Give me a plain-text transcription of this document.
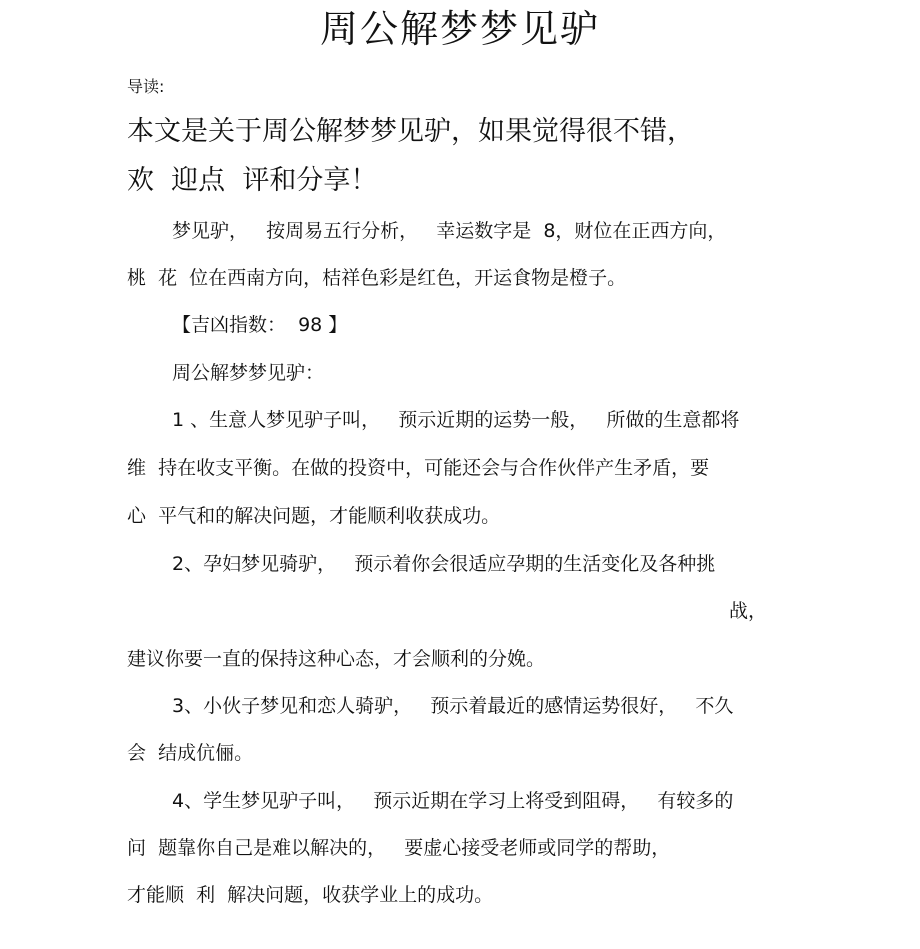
周公解梦梦见驴
导读:
本文是关于周公解梦梦见驴，如果觉得很不错，
欢  迎点  评和分享！
梦见驴，   按周易五行分析，   幸运数字是  8，财位在正西方向，
桃  花  位在西南方向，桔祥色彩是红色，开运食物是橙子。
【吉凶指数：  98 】
周公解梦梦见驴：
1 、生意人梦见驴子叫，   预示近期的运势一般，   所做的生意都将
维  持在收支平衡。在做的投资中，可能还会与合作伙伴产生矛盾，要
心  平气和的解决问题，才能顺利收获成功。
2、孕妇梦见骑驴，   预示着你会很适应孕期的生活变化及各种挑
战，
建议你要一直的保持这种心态，才会顺利的分娩。
3、小伙子梦见和恋人骑驴，   预示着最近的感情运势很好，   不久
会  结成伉俪。
4、学生梦见驴子叫，   预示近期在学习上将受到阻碍，   有较多的
问  题靠你自己是难以解决的，   要虚心接受老师或同学的帮助，
才能顺  利  解决问题，收获学业上的成功。
